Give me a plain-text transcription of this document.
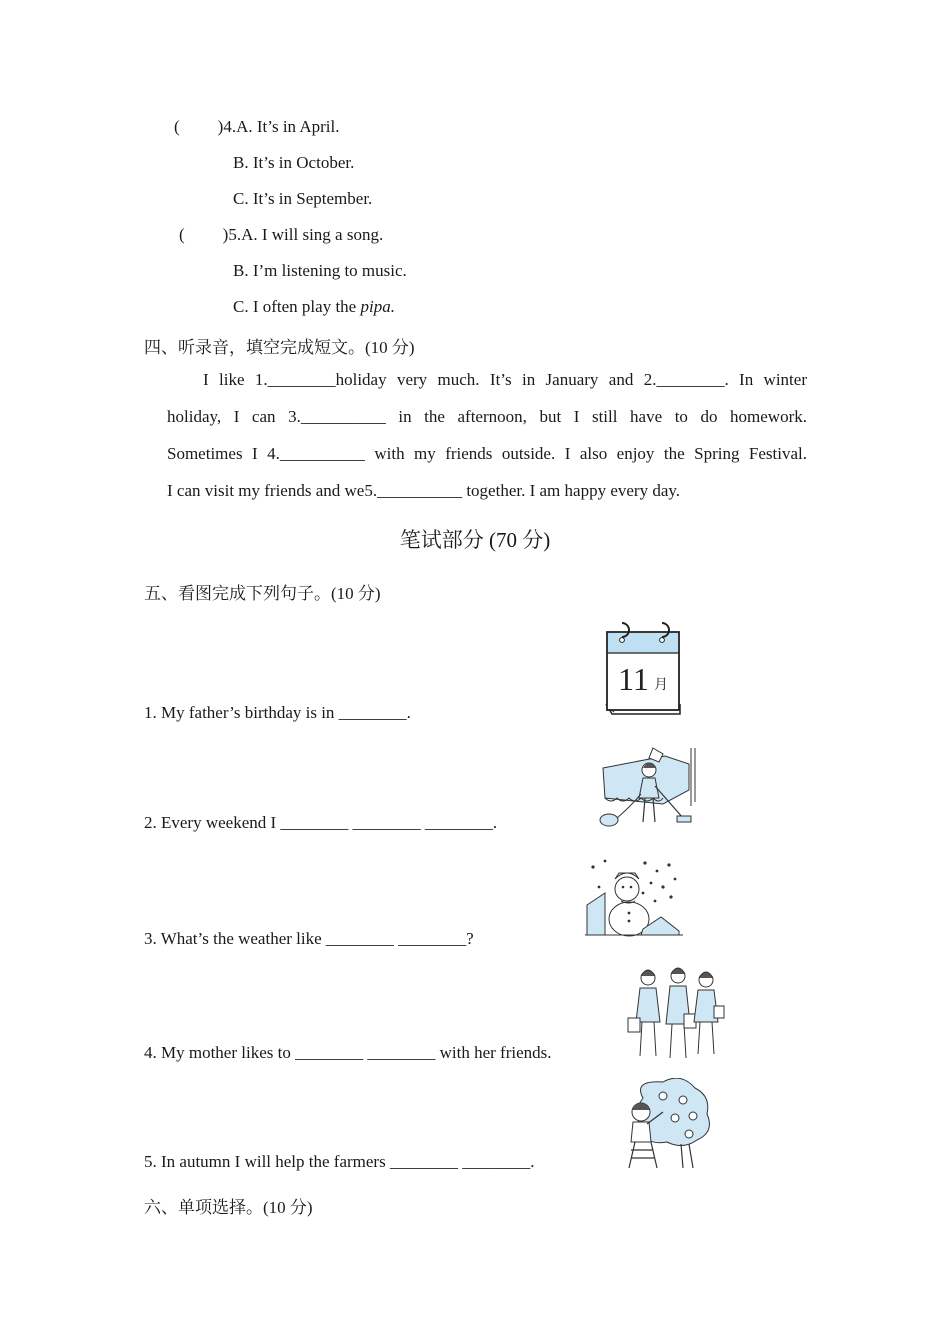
( )4.A. It’s in April.
B. It’s in October.
C. It’s in September.
( )5.A. I will sing a song.
B. I’m listening to music.
C. I often play the pipa.
四、听录音，填空完成短文。(10 分)
I like 1.________holiday very much. It’s in January and 2.________. In winter
holiday, I can 3.__________ in the afternoon, but I still have to do homework.
Sometimes I 4.__________ with my friends outside. I also enjoy the Spring Festival.
I can visit my friends and we5.__________ together. I am happy every day.
笔试部分 (70 分)
五、看图完成下列句子。(10 分)
1. My father’s birthday is in ________.
2. Every weekend I ________ ________ ________.
3. What’s the weather like ________ ________?
4. My mother likes to ________ ________ with her friends.
5. In autumn I will help the farmers ________ ________.
11 月
六、单项选择。(10 分)
